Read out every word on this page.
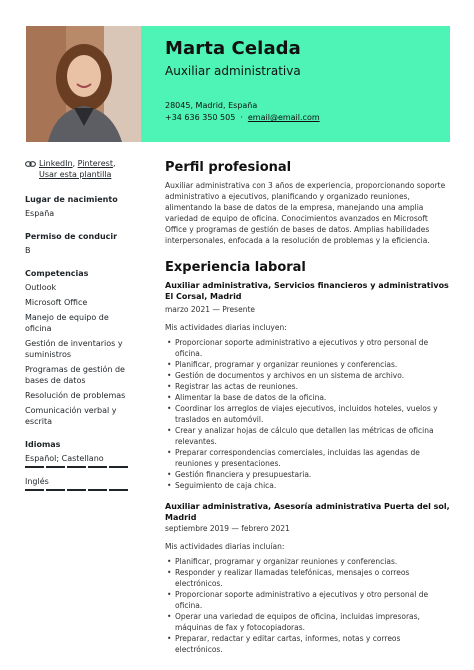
Marta Celada
Auxiliar administrativa
28045, Madrid, España
+34 636 350 505 · email@email.com
LinkedIn, Pinterest,
Usar esta plantilla
Lugar de nacimiento
España
Permiso de conducir
B
Competencias
Outlook
Microsoft Office
Manejo de equipo de oficina
Gestión de inventarios y suministros
Programas de gestión de bases de datos
Resolución de problemas
Comunicación verbal y escrita
Idiomas
Español; Castellano
Inglés
Perfil profesional
Auxiliar administrativa con 3 años de experiencia, proporcionando soporte administrativo a ejecutivos, planificando y organizado reuniones, alimentando la base de datos de la empresa, manejando una amplia variedad de equipo de oficina. Conocimientos avanzados en Microsoft Office y programas de gestión de bases de datos. Amplias habilidades interpersonales, enfocada a la resolución de problemas y la eficiencia.
Experiencia laboral
Auxiliar administrativa, Servicios financieros y administrativos El Corsal, Madrid
marzo 2021 — Presente
Mis actividades diarias incluyen:
• Proporcionar soporte administrativo a ejecutivos y otro personal de oficina.
• Planificar, programar y organizar reuniones y conferencias.
• Gestión de documentos y archivos en un sistema de archivo.
• Registrar las actas de reuniones.
• Alimentar la base de datos de la oficina.
• Coordinar los arreglos de viajes ejecutivos, incluidos hoteles, vuelos y traslados en automóvil.
• Crear y analizar hojas de cálculo que detallen las métricas de oficina relevantes.
• Preparar correspondencias comerciales, incluidas las agendas de reuniones y presentaciones.
• Gestión financiera y presupuestaria.
• Seguimiento de caja chica.
Auxiliar administrativa, Asesoría administrativa Puerta del sol, Madrid
septiembre 2019 — febrero 2021
Mis actividades diarias incluían:
• Planificar, programar y organizar reuniones y conferencias.
• Responder y realizar llamadas telefónicas, mensajes o correos electrónicos.
• Proporcionar soporte administrativo a ejecutivos y otro personal de oficina.
• Operar una variedad de equipos de oficina, incluidas impresoras, máquinas de fax y fotocopiadoras.
• Preparar, redactar y editar cartas, informes, notas y correos electrónicos.
